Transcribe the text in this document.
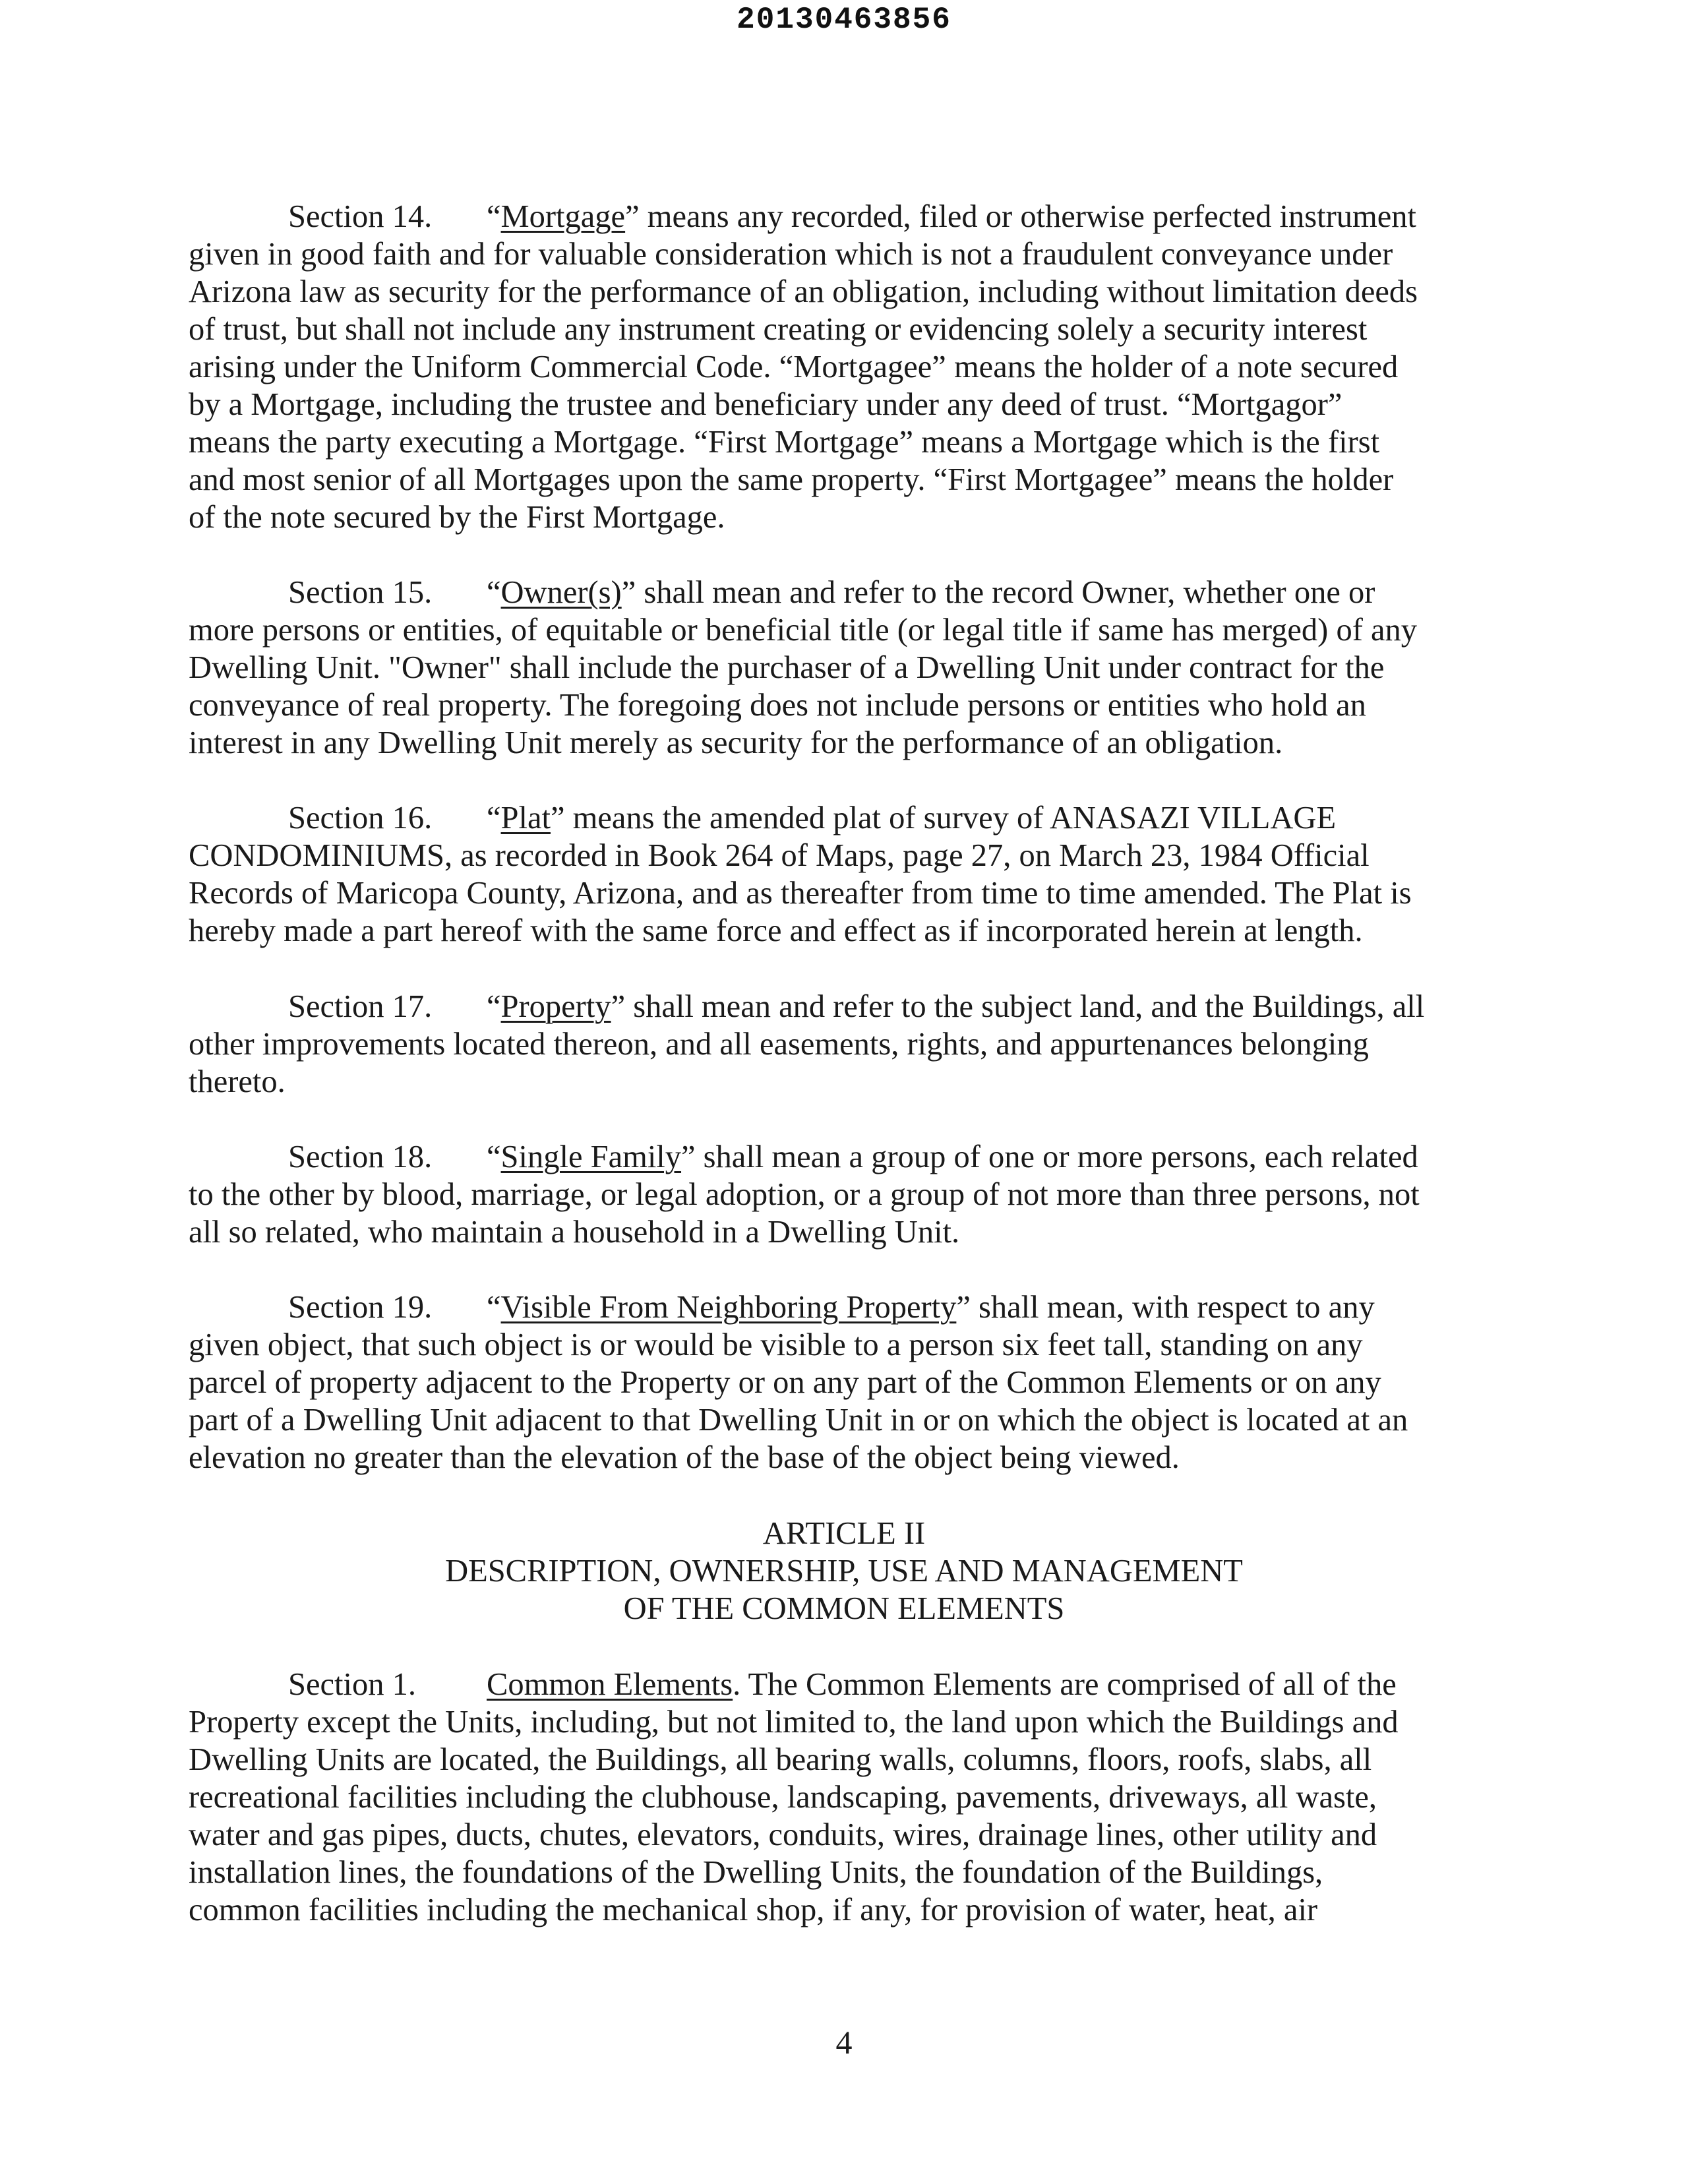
20130463856
Section 14. “Mortgage” means any recorded, filed or otherwise perfected instrument
given in good faith and for valuable consideration which is not a fraudulent conveyance under
Arizona law as security for the performance of an obligation, including without limitation deeds
of trust, but shall not include any instrument creating or evidencing solely a security interest
arising under the Uniform Commercial Code. “Mortgagee” means the holder of a note secured
by a Mortgage, including the trustee and beneficiary under any deed of trust. “Mortgagor”
means the party executing a Mortgage. “First Mortgage” means a Mortgage which is the first
and most senior of all Mortgages upon the same property. “First Mortgagee” means the holder
of the note secured by the First Mortgage.
Section 15. “Owner(s)” shall mean and refer to the record Owner, whether one or
more persons or entities, of equitable or beneficial title (or legal title if same has merged) of any
Dwelling Unit. "Owner" shall include the purchaser of a Dwelling Unit under contract for the
conveyance of real property. The foregoing does not include persons or entities who hold an
interest in any Dwelling Unit merely as security for the performance of an obligation.
Section 16. “Plat” means the amended plat of survey of ANASAZI VILLAGE
CONDOMINIUMS, as recorded in Book 264 of Maps, page 27, on March 23, 1984 Official
Records of Maricopa County, Arizona, and as thereafter from time to time amended. The Plat is
hereby made a part hereof with the same force and effect as if incorporated herein at length.
Section 17. “Property” shall mean and refer to the subject land, and the Buildings, all
other improvements located thereon, and all easements, rights, and appurtenances belonging
thereto.
Section 18. “Single Family” shall mean a group of one or more persons, each related
to the other by blood, marriage, or legal adoption, or a group of not more than three persons, not
all so related, who maintain a household in a Dwelling Unit.
Section 19. “Visible From Neighboring Property” shall mean, with respect to any
given object, that such object is or would be visible to a person six feet tall, standing on any
parcel of property adjacent to the Property or on any part of the Common Elements or on any
part of a Dwelling Unit adjacent to that Dwelling Unit in or on which the object is located at an
elevation no greater than the elevation of the base of the object being viewed.
ARTICLE II
DESCRIPTION, OWNERSHIP, USE AND MANAGEMENT
OF THE COMMON ELEMENTS
Section 1. Common Elements. The Common Elements are comprised of all of the
Property except the Units, including, but not limited to, the land upon which the Buildings and
Dwelling Units are located, the Buildings, all bearing walls, columns, floors, roofs, slabs, all
recreational facilities including the clubhouse, landscaping, pavements, driveways, all waste,
water and gas pipes, ducts, chutes, elevators, conduits, wires, drainage lines, other utility and
installation lines, the foundations of the Dwelling Units, the foundation of the Buildings,
common facilities including the mechanical shop, if any, for provision of water, heat, air
4
